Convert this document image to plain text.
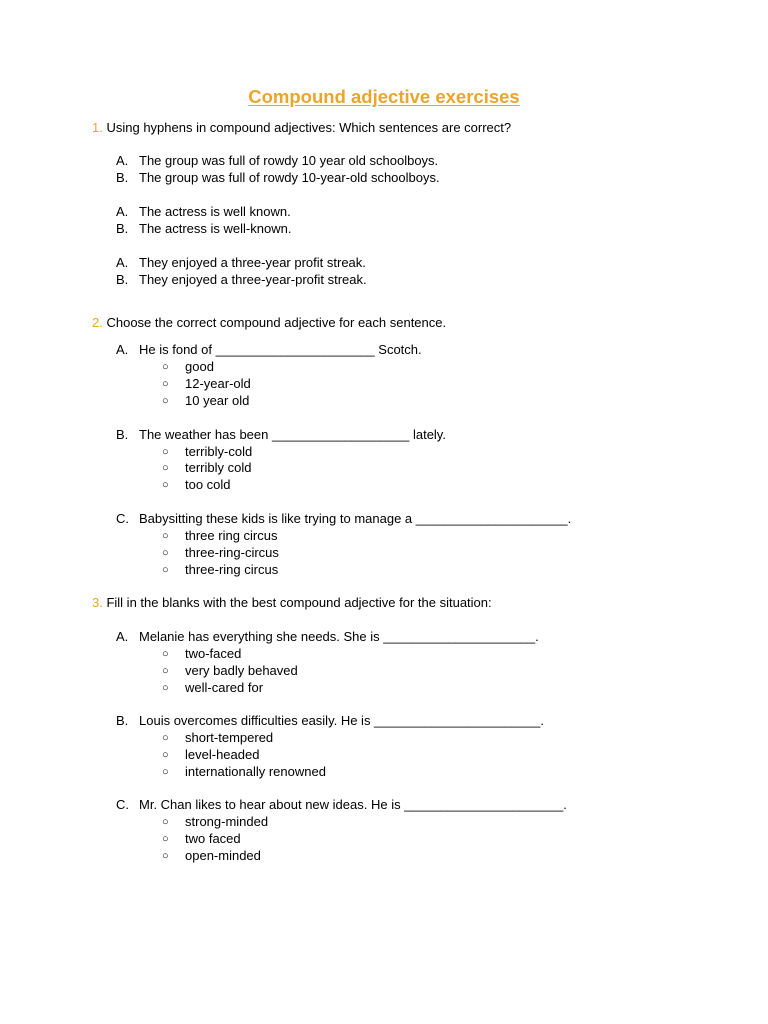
Compound adjective exercises
1. Using hyphens in compound adjectives: Which sentences are correct?
A. The group was full of rowdy 10 year old schoolboys.
B. The group was full of rowdy 10-year-old schoolboys.
A. The actress is well known.
B. The actress is well-known.
A. They enjoyed a three-year profit streak.
B. They enjoyed a three-year-profit streak.
2. Choose the correct compound adjective for each sentence.
A. He is fond of ______________________ Scotch.
○ good
○ 12-year-old
○ 10 year old
B. The weather has been ___________________ lately.
○ terribly-cold
○ terribly cold
○ too cold
C. Babysitting these kids is like trying to manage a _____________________.
○ three ring circus
○ three-ring-circus
○ three-ring circus
3. Fill in the blanks with the best compound adjective for the situation:
A. Melanie has everything she needs. She is _____________________.
○ two-faced
○ very badly behaved
○ well-cared for
B. Louis overcomes difficulties easily. He is _______________________.
○ short-tempered
○ level-headed
○ internationally renowned
C. Mr. Chan likes to hear about new ideas. He is ______________________.
○ strong-minded
○ two faced
○ open-minded
